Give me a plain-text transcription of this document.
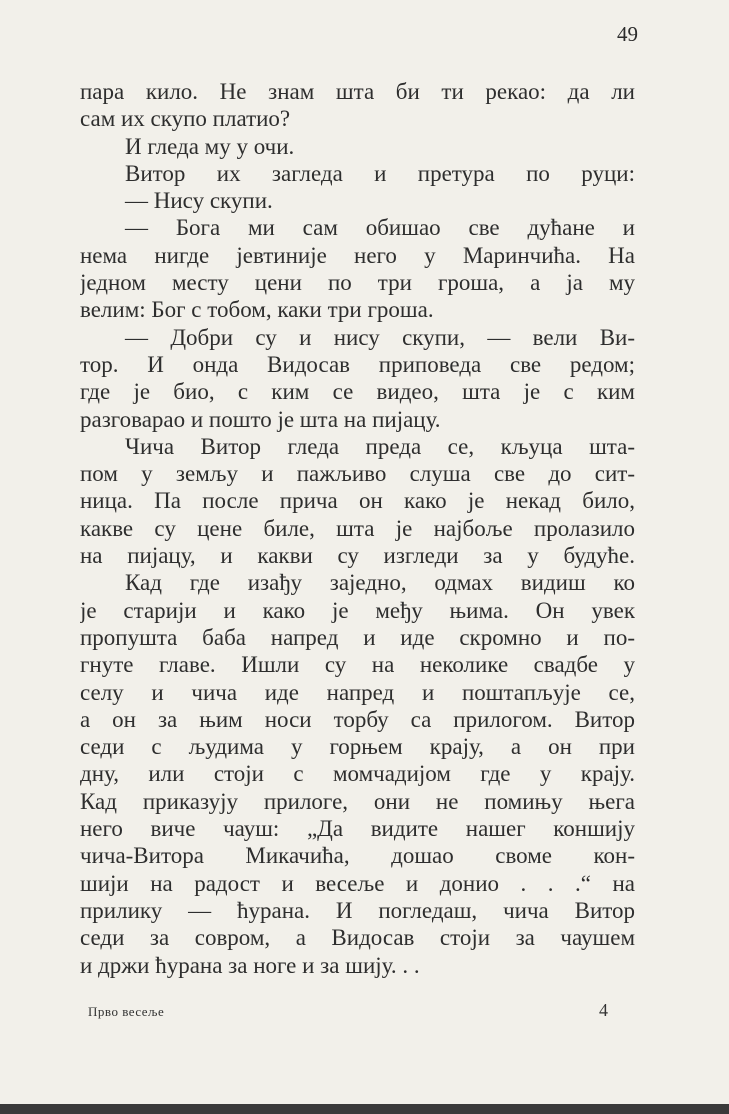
49
пара кило. Не знам шта би ти рекао: да ли
сам их скупо платио?
И гледа му у очи.
Витор их загледа и претура по руци:
— Нису скупи.
— Бога ми сам обишао све дућане и
нема нигде јевтиније него у Маринчића. На
једном месту цени по три гроша, а ја му
велим: Бог с тобом, каки три гроша.
— Добри су и нису скупи, — вели Ви-
тор. И онда Видосав приповеда све редом;
где је био, с ким се видео, шта је с ким
разговарао и пошто је шта на пијацу.
Чича Витор гледа преда се, кљуца шта-
пом у земљу и пажљиво слуша све до сит-
ница. Па после прича он како је некад било,
какве су цене биле, шта је најбоље пролазило
на пијацу, и какви су изгледи за у будуће.
Кад где изађу заједно, одмах видиш ко
је старији и како је међу њима. Он увек
пропушта баба напред и иде скромно и по-
гнуте главе. Ишли су на неколике свадбе у
селу и чича иде напред и поштапљује се,
а он за њим носи торбу са прилогом. Витор
седи с људима у горњем крају, а он при
дну, или стоји с момчадијом где у крају.
Кад приказују прилоге, они не помињу њега
него виче чауш: „Да видите нашег коншију
чича-Витора Микачића, дошао своме кон-
шији на радост и весеље и донио . . .“ на
прилику — ћурана. И погледаш, чича Витор
седи за совром, а Видосав стоји за чаушем
и држи ћурана за ноге и за шију. . .
Прво весеље	4
